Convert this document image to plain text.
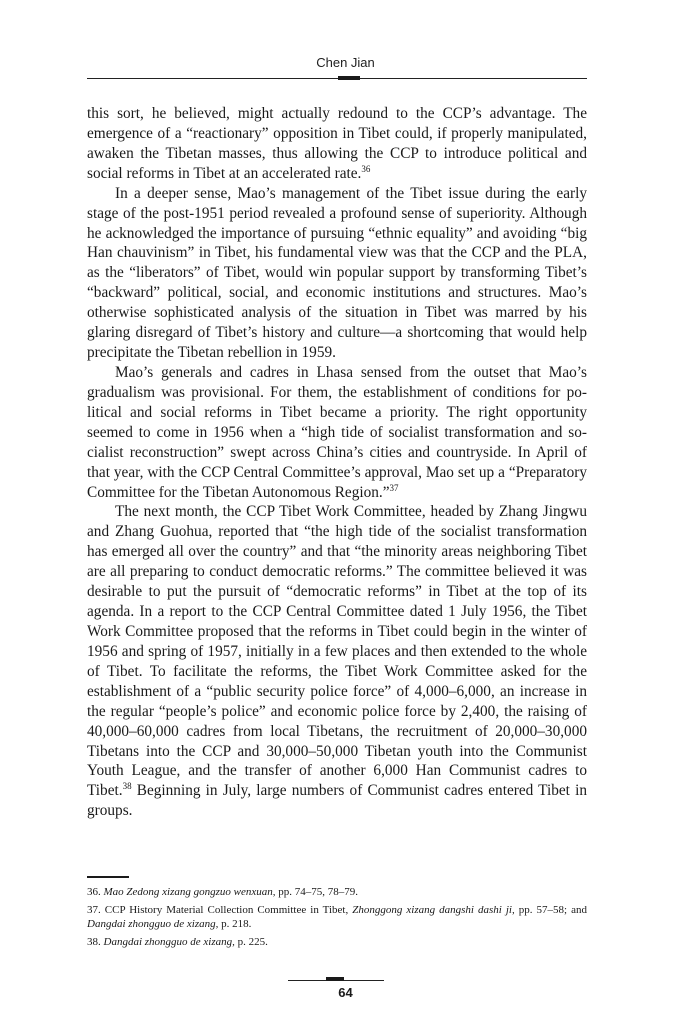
Chen Jian

this sort, he believed, might actually redound to the CCP’s advantage. The emergence of a “reactionary” opposition in Tibet could, if properly manipulated, awaken the Tibetan masses, thus allowing the CCP to introduce political and social reforms in Tibet at an accelerated rate.$^{36}$

In a deeper sense, Mao’s management of the Tibet issue during the early stage of the post-1951 period revealed a profound sense of superiority. Although he acknowledged the importance of pursuing “ethnic equality” and avoiding “big Han chauvinism” in Tibet, his fundamental view was that the CCP and the PLA, as the “liberators” of Tibet, would win popular support by transforming Tibet’s “backward” political, social, and economic institutions and structures. Mao’s otherwise sophisticated analysis of the situation in Tibet was marred by his glaring disregard of Tibet’s history and culture—a shortcoming that would help precipitate the Tibetan rebellion in 1959.

Mao’s generals and cadres in Lhasa sensed from the outset that Mao’s gradualism was provisional. For them, the establishment of conditions for political and social reforms in Tibet became a priority. The right opportunity seemed to come in 1956 when a “high tide of socialist transformation and socialist reconstruction” swept across China’s cities and countryside. In April of that year, with the CCP Central Committee’s approval, Mao set up a “Preparatory Committee for the Tibetan Autonomous Region.”$^{37}$

The next month, the CCP Tibet Work Committee, headed by Zhang Jingwu and Zhang Guohua, reported that “the high tide of the socialist transformation has emerged all over the country” and that “the minority areas neighboring Tibet are all preparing to conduct democratic reforms.” The committee believed it was desirable to put the pursuit of “democratic reforms” in Tibet at the top of its agenda. In a report to the CCP Central Committee dated 1 July 1956, the Tibet Work Committee proposed that the reforms in Tibet could begin in the winter of 1956 and spring of 1957, initially in a few places and then extended to the whole of Tibet. To facilitate the reforms, the Tibet Work Committee asked for the establishment of a “public security police force” of 4,000–6,000, an increase in the regular “people’s police” and economic police force by 2,400, the raising of 40,000–60,000 cadres from local Tibetans, the recruitment of 20,000–30,000 Tibetans into the CCP and 30,000–50,000 Tibetan youth into the Communist Youth League, and the transfer of another 6,000 Han Communist cadres to Tibet.$^{38}$ Beginning in July, large numbers of Communist cadres entered Tibet in groups.

36. Mao Zedong xizang gongzuo wenxuan, pp. 74–75, 78–79.

37. CCP History Material Collection Committee in Tibet, Zhonggong xizang dangshi dashi ji, pp. 57–58; and Dangdai zhongguo de xizang, p. 218.

38. Dangdai zhongguo de xizang, p. 225.

64
